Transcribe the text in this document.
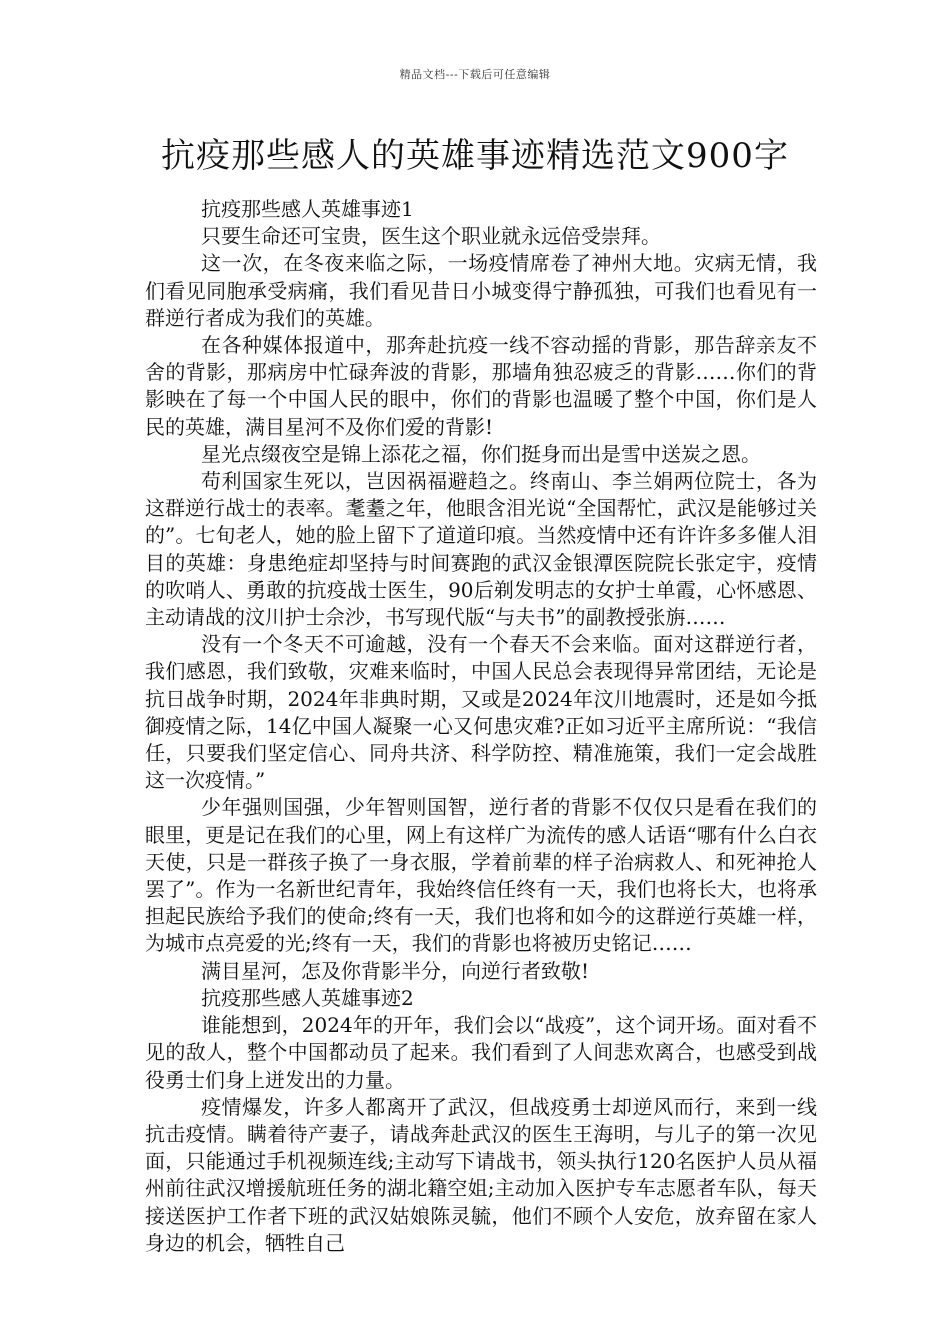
精品文档---下载后可任意编辑
抗疫那些感人的英雄事迹精选范文900字

抗疫那些感人英雄事迹1

只要生命还可宝贵，医生这个职业就永远倍受崇拜。

这一次，在冬夜来临之际，一场疫情席卷了神州大地。灾病无情，我们看见同胞承受病痛，我们看见昔日小城变得宁静孤独，可我们也看见有一群逆行者成为我们的英雄。

在各种媒体报道中，那奔赴抗疫一线不容动摇的背影，那告辞亲友不舍的背影，那病房中忙碌奔波的背影，那墙角独忍疲乏的背影……你们的背影映在了每一个中国人民的眼中，你们的背影也温暖了整个中国，你们是人民的英雄，满目星河不及你们爱的背影!

星光点缀夜空是锦上添花之福，你们挺身而出是雪中送炭之恩。

苟利国家生死以，岂因祸福避趋之。终南山、李兰娟两位院士，各为这群逆行战士的表率。耄耋之年，他眼含泪光说“全国帮忙，武汉是能够过关的”。七旬老人，她的脸上留下了道道印痕。当然疫情中还有许许多多催人泪目的英雄：身患绝症却坚持与时间赛跑的武汉金银潭医院院长张定宇，疫情的吹哨人、勇敢的抗疫战士医生，90后剃发明志的女护士单霞，心怀感恩、主动请战的汶川护士佘沙，书写现代版“与夫书”的副教授张旃……

没有一个冬天不可逾越，没有一个春天不会来临。面对这群逆行者，我们感恩，我们致敬，灾难来临时，中国人民总会表现得异常团结，无论是抗日战争时期，2024年非典时期，又或是2024年汶川地震时，还是如今抵御疫情之际，14亿中国人凝聚一心又何患灾难?正如习近平主席所说：“我信任，只要我们坚定信心、同舟共济、科学防控、精准施策，我们一定会战胜这一次疫情。”

少年强则国强，少年智则国智，逆行者的背影不仅仅只是看在我们的眼里，更是记在我们的心里，网上有这样广为流传的感人话语“哪有什么白衣天使，只是一群孩子换了一身衣服，学着前辈的样子治病救人、和死神抢人罢了”。作为一名新世纪青年，我始终信任终有一天，我们也将长大，也将承担起民族给予我们的使命;终有一天，我们也将和如今的这群逆行英雄一样，为城市点亮爱的光;终有一天，我们的背影也将被历史铭记……

满目星河，怎及你背影半分，向逆行者致敬!

抗疫那些感人英雄事迹2

谁能想到，2024年的开年，我们会以“战疫”，这个词开场。面对看不见的敌人，整个中国都动员了起来。我们看到了人间悲欢离合，也感受到战役勇士们身上迸发出的力量。

疫情爆发，许多人都离开了武汉，但战疫勇士却逆风而行，来到一线抗击疫情。瞒着待产妻子，请战奔赴武汉的医生王海明，与儿子的第一次见面，只能通过手机视频连线;主动写下请战书，领头执行120名医护人员从福州前往武汉增援航班任务的湖北籍空姐;主动加入医护专车志愿者车队，每天接送医护工作者下班的武汉姑娘陈灵毓，他们不顾个人安危，放弃留在家人身边的机会，牺牲自己
